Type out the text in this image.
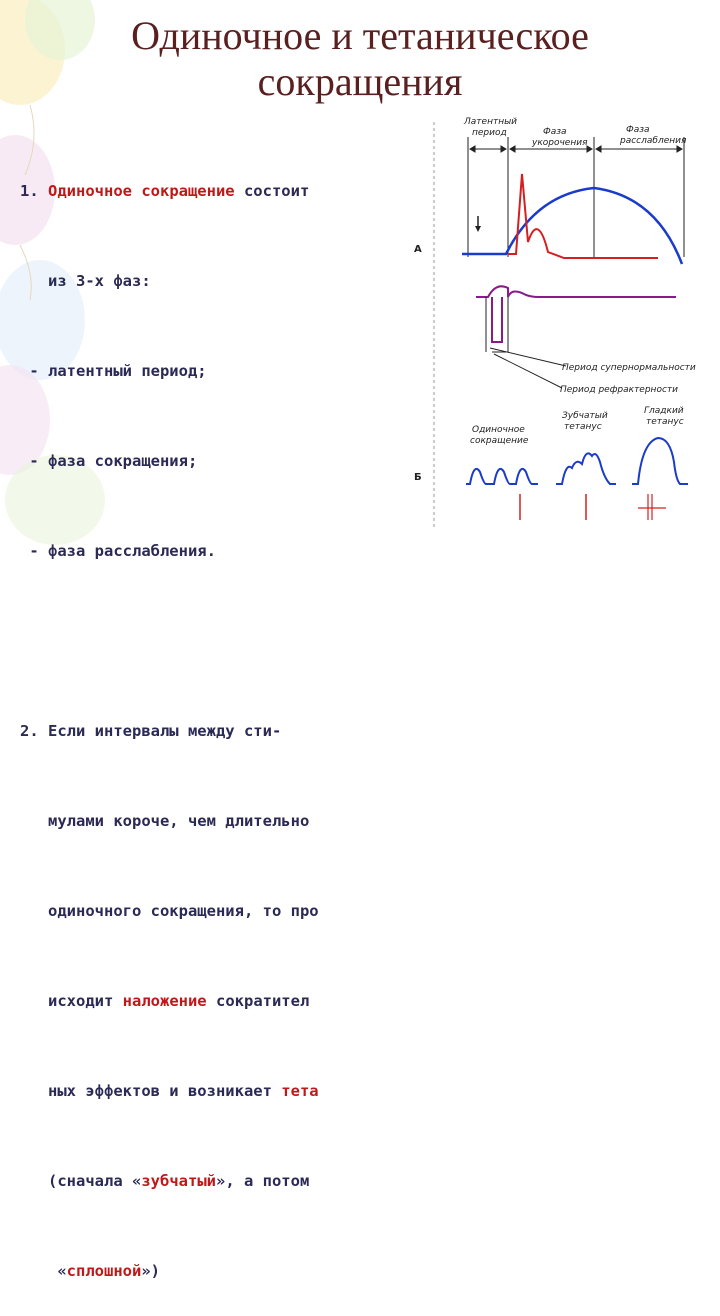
Одиночное и тетаническое
сокращения

1. Одиночное сокращение состоит

из 3-х фаз:

- латентный период;

- фаза сокращения;

- фаза расслабления.

2. Если интервалы между сти-

мулами короче, чем длительно

одиночного сокращения, то про

исходит наложение сократител

ных эффектов и возникает тета

(сначала «зубчатый», а потом

«сплошной»)

Латентный
период	Фаза
укорочения
Фаза
расслабления
А
Период супернормальности
Период рефрактерности
Одиночное
сокращение
Зубчатый
тетанус
Гладкий
тетанус
Б
